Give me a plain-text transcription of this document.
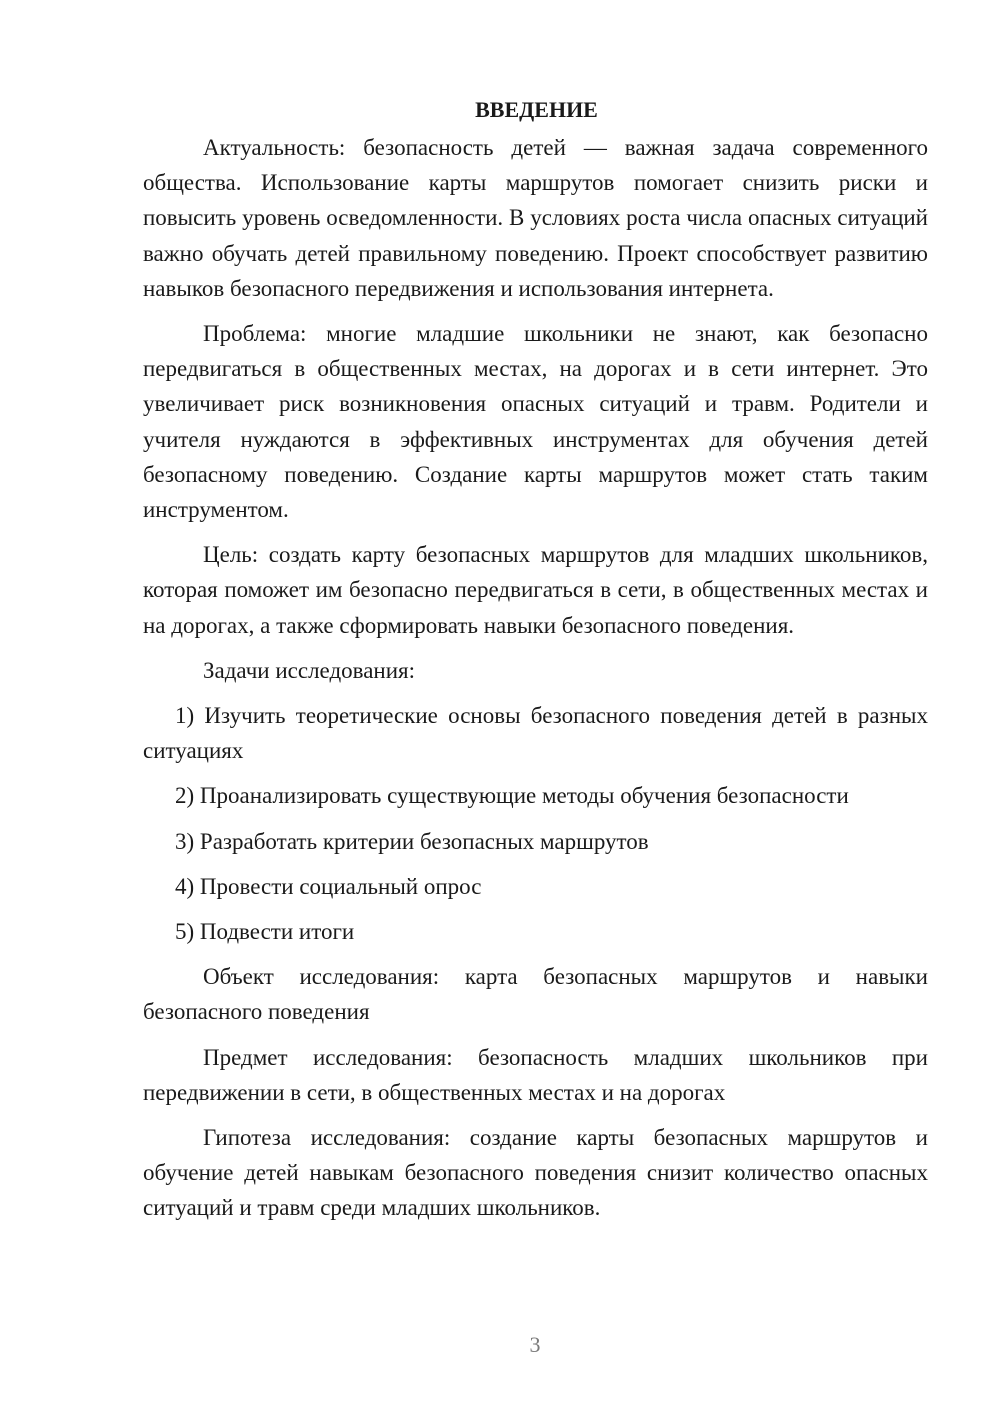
ВВЕДЕНИЕ

Актуальность: безопасность детей — важная задача современного общества. Использование карты маршрутов помогает снизить риски и повысить уровень осведомленности. В условиях роста числа опасных ситуаций важно обучать детей правильному поведению. Проект способствует развитию навыков безопасного передвижения и использования интернета.

Проблема: многие младшие школьники не знают, как безопасно передвигаться в общественных местах, на дорогах и в сети интернет. Это увеличивает риск возникновения опасных ситуаций и травм. Родители и учителя нуждаются в эффективных инструментах для обучения детей безопасному поведению. Создание карты маршрутов может стать таким инструментом.

Цель: создать карту безопасных маршрутов для младших школьников, которая поможет им безопасно передвигаться в сети, в общественных местах и на дорогах, а также сформировать навыки безопасного поведения.

Задачи исследования:

1) Изучить теоретические основы безопасного поведения детей в разных ситуациях

2) Проанализировать существующие методы обучения безопасности

3) Разработать критерии безопасных маршрутов

4) Провести социальный опрос

5) Подвести итоги

Объект исследования: карта безопасных маршрутов и навыки безопасного поведения

Предмет исследования: безопасность младших школьников при передвижении в сети, в общественных местах и на дорогах

Гипотеза исследования: создание карты безопасных маршрутов и обучение детей навыкам безопасного поведения снизит количество опасных ситуаций и травм среди младших школьников.

3
